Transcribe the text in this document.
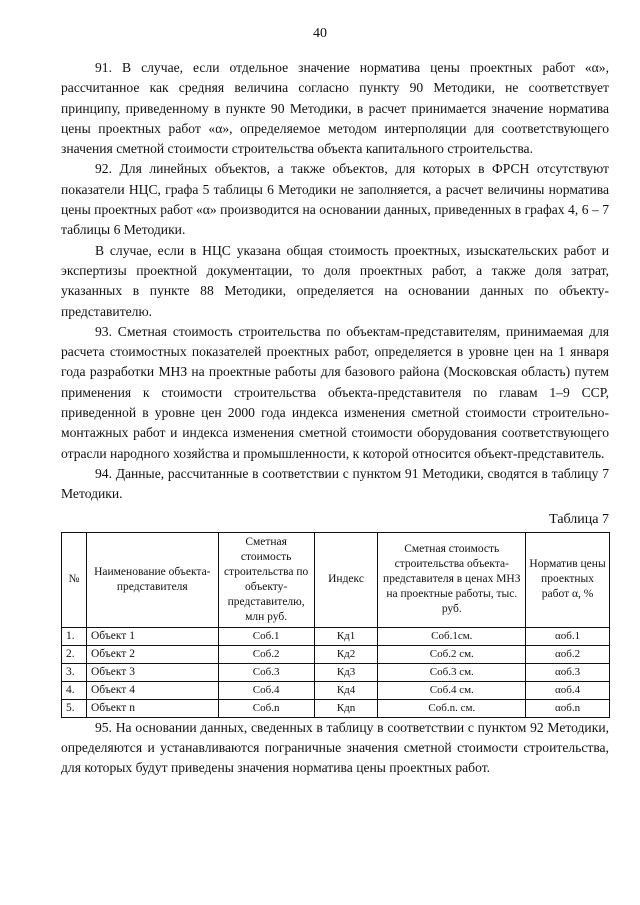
40

91. В случае, если отдельное значение норматива цены проектных работ «α», рассчитанное как средняя величина согласно пункту 90 Методики, не соответствует принципу, приведенному в пункте 90 Методики, в расчет принимается значение норматива цены проектных работ «α», определяемое методом интерполяции для соответствующего значения сметной стоимости строительства объекта капитального строительства.

92. Для линейных объектов, а также объектов, для которых в ФРСН отсутствуют показатели НЦС, графа 5 таблицы 6 Методики не заполняется, а расчет величины норматива цены проектных работ «α» производится на основании данных, приведенных в графах 4, 6 – 7 таблицы 6 Методики.

В случае, если в НЦС указана общая стоимость проектных, изыскательских работ и экспертизы проектной документации, то доля проектных работ, а также доля затрат, указанных в пункте 88 Методики, определяется на основании данных по объекту-представителю.

93. Сметная стоимость строительства по объектам-представителям, принимаемая для расчета стоимостных показателей проектных работ, определяется в уровне цен на 1 января года разработки МНЗ на проектные работы для базового района (Московская область) путем применения к стоимости строительства объекта-представителя по главам 1–9 ССР, приведенной в уровне цен 2000 года индекса изменения сметной стоимости строительно-монтажных работ и индекса изменения сметной стоимости оборудования соответствующего отрасли народного хозяйства и промышленности, к которой относится объект-представитель.

94. Данные, рассчитанные в соответствии с пунктом 91 Методики, сводятся в таблицу 7 Методики.

Таблица 7
№	Наименование объекта-представителя	Сметная стоимость строительства по объекту-представителю, млн руб.	Индекс	Сметная стоимость строительства объекта-представителя в ценах МНЗ на проектные работы, тыс. руб.	Норматив цены проектных работ α, %
1.	Объект 1	Соб.1	Кд1	Соб.1см.	αоб.1
2.	Объект 2	Соб.2	Кд2	Соб.2 см.	αоб.2
3.	Объект 3	Соб.3	Кд3	Соб.3 см.	αоб.3
4.	Объект 4	Соб.4	Кд4	Соб.4 см.	αоб.4
5.	Объект n	Соб.n	Кдn	Соб.n. см.	αоб.n

95. На основании данных, сведенных в таблицу в соответствии с пунктом 92 Методики, определяются и устанавливаются пограничные значения сметной стоимости строительства, для которых будут приведены значения норматива цены проектных работ.
